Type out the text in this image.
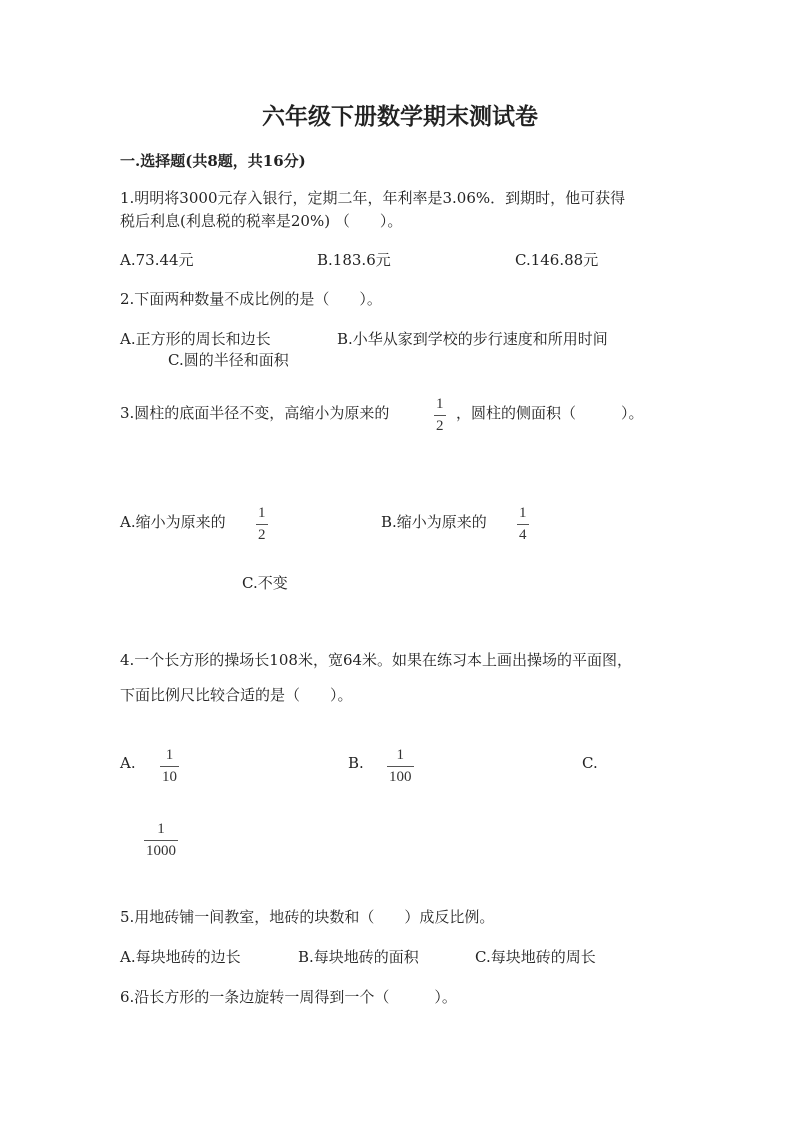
六年级下册数学期末测试卷
一.选择题(共8题，共16分)
1.明明将3000元存入银行，定期二年，年利率是3.06%．到期时，他可获得
税后利息(利息税的税率是20%) （　　）。
A.73.44元	B.183.6元	C.146.88元
2.下面两种数量不成比例的是（　　）。
A.正方形的周长和边长	B.小华从家到学校的步行速度和所用时间
C.圆的半径和面积
3.圆柱的底面半径不变，高缩小为原来的	1
2
，圆柱的侧面积（　　　）。
A.缩小为原来的 1
2
B.缩小为原来的 1
4
C.不变
4.一个长方形的操场长108米，宽64米。如果在练习本上画出操场的平面图，
下面比例尺比较合适的是（　　）。
A. 1
10
B. 1
100
C.
1
1000
5.用地砖铺一间教室，地砖的块数和（　　）成反比例。
A.每块地砖的边长	B.每块地砖的面积	C.每块地砖的周长
6.沿长方形的一条边旋转一周得到一个（　　　）。
